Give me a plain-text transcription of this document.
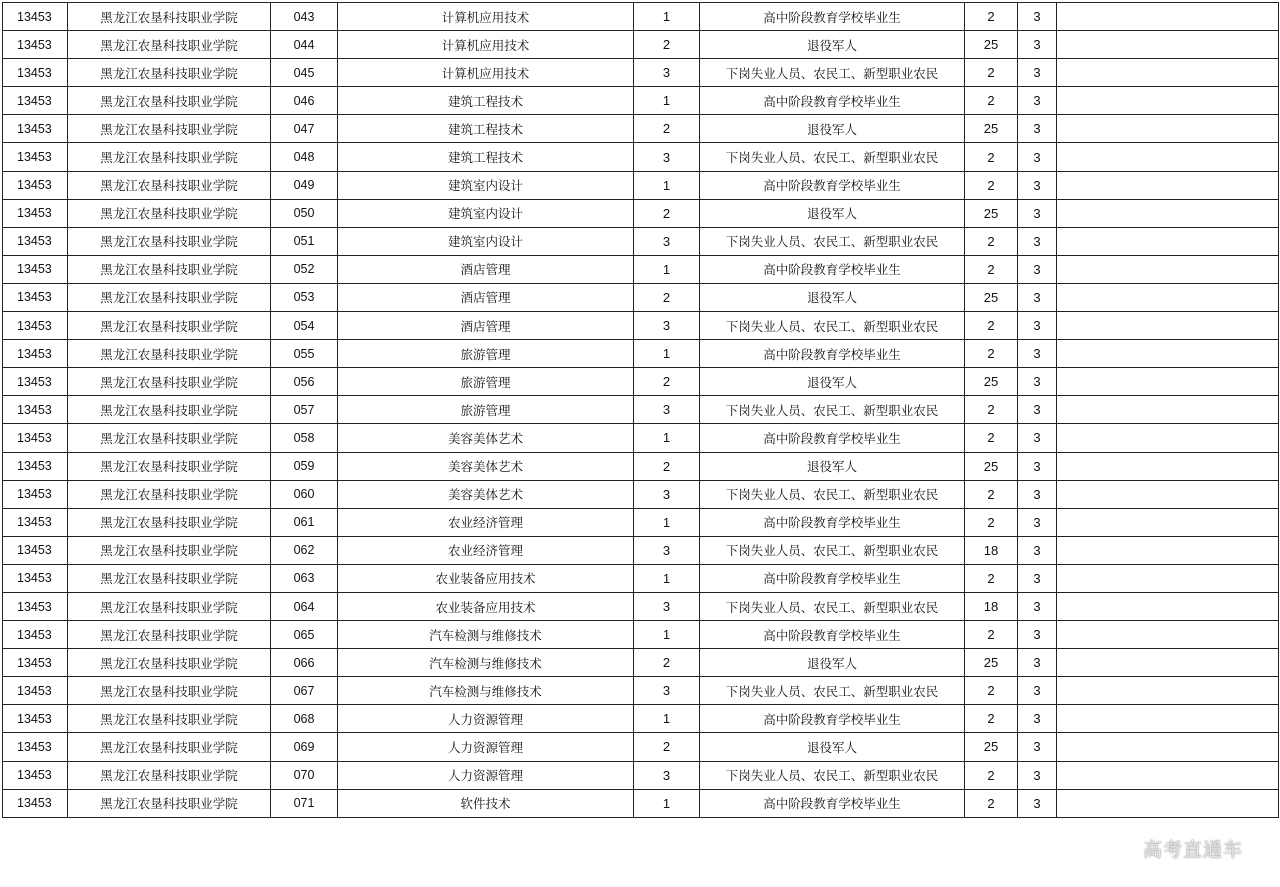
13453	黑龙江农垦科技职业学院	043	计算机应用技术	1	高中阶段教育学校毕业生	2	3	
13453	黑龙江农垦科技职业学院	044	计算机应用技术	2	退役军人	25	3	
13453	黑龙江农垦科技职业学院	045	计算机应用技术	3	下岗失业人员、农民工、新型职业农民	2	3	
13453	黑龙江农垦科技职业学院	046	建筑工程技术	1	高中阶段教育学校毕业生	2	3	
13453	黑龙江农垦科技职业学院	047	建筑工程技术	2	退役军人	25	3	
13453	黑龙江农垦科技职业学院	048	建筑工程技术	3	下岗失业人员、农民工、新型职业农民	2	3	
13453	黑龙江农垦科技职业学院	049	建筑室内设计	1	高中阶段教育学校毕业生	2	3	
13453	黑龙江农垦科技职业学院	050	建筑室内设计	2	退役军人	25	3	
13453	黑龙江农垦科技职业学院	051	建筑室内设计	3	下岗失业人员、农民工、新型职业农民	2	3	
13453	黑龙江农垦科技职业学院	052	酒店管理	1	高中阶段教育学校毕业生	2	3	
13453	黑龙江农垦科技职业学院	053	酒店管理	2	退役军人	25	3	
13453	黑龙江农垦科技职业学院	054	酒店管理	3	下岗失业人员、农民工、新型职业农民	2	3	
13453	黑龙江农垦科技职业学院	055	旅游管理	1	高中阶段教育学校毕业生	2	3	
13453	黑龙江农垦科技职业学院	056	旅游管理	2	退役军人	25	3	
13453	黑龙江农垦科技职业学院	057	旅游管理	3	下岗失业人员、农民工、新型职业农民	2	3	
13453	黑龙江农垦科技职业学院	058	美容美体艺术	1	高中阶段教育学校毕业生	2	3	
13453	黑龙江农垦科技职业学院	059	美容美体艺术	2	退役军人	25	3	
13453	黑龙江农垦科技职业学院	060	美容美体艺术	3	下岗失业人员、农民工、新型职业农民	2	3	
13453	黑龙江农垦科技职业学院	061	农业经济管理	1	高中阶段教育学校毕业生	2	3	
13453	黑龙江农垦科技职业学院	062	农业经济管理	3	下岗失业人员、农民工、新型职业农民	18	3	
13453	黑龙江农垦科技职业学院	063	农业装备应用技术	1	高中阶段教育学校毕业生	2	3	
13453	黑龙江农垦科技职业学院	064	农业装备应用技术	3	下岗失业人员、农民工、新型职业农民	18	3	
13453	黑龙江农垦科技职业学院	065	汽车检测与维修技术	1	高中阶段教育学校毕业生	2	3	
13453	黑龙江农垦科技职业学院	066	汽车检测与维修技术	2	退役军人	25	3	
13453	黑龙江农垦科技职业学院	067	汽车检测与维修技术	3	下岗失业人员、农民工、新型职业农民	2	3	
13453	黑龙江农垦科技职业学院	068	人力资源管理	1	高中阶段教育学校毕业生	2	3	
13453	黑龙江农垦科技职业学院	069	人力资源管理	2	退役军人	25	3	
13453	黑龙江农垦科技职业学院	070	人力资源管理	3	下岗失业人员、农民工、新型职业农民	2	3	
13453	黑龙江农垦科技职业学院	071	软件技术	1	高中阶段教育学校毕业生	2	3	
高考直通车
